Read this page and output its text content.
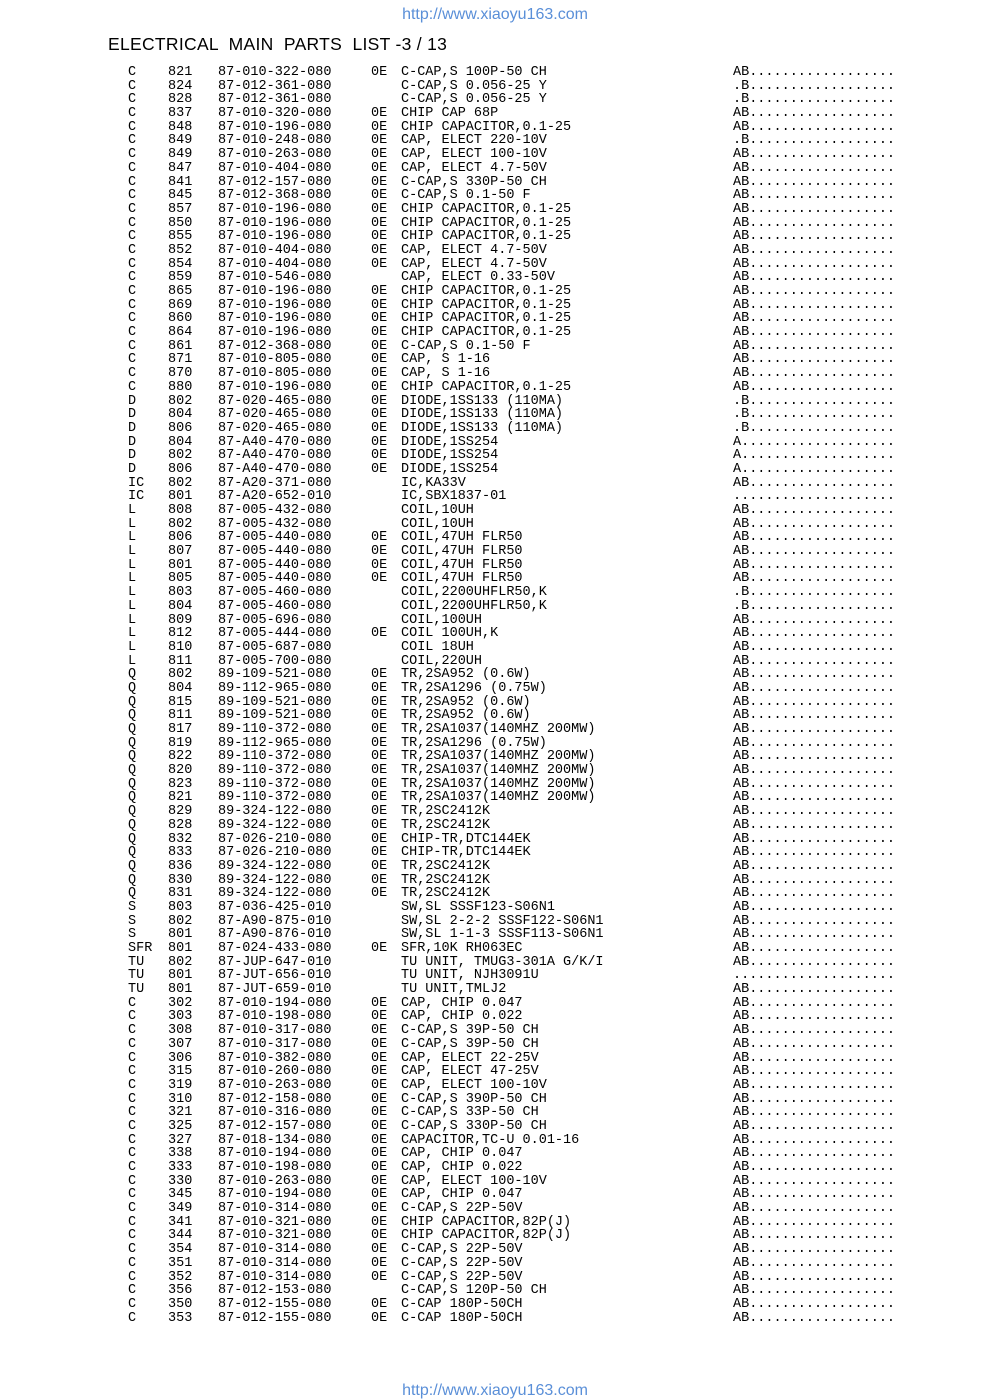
http://www.xiaoyu163.com
ELECTRICAL  MAIN  PARTS  LIST -3 / 13
C 821 87-010-322-080	0E C-CAP,S 100P-50 CH	AB..................
C 824 87-012-361-080	C-CAP,S 0.056-25 Y	.B..................
C 828 87-012-361-080	C-CAP,S 0.056-25 Y	.B..................
C 837 87-010-320-080	0E CHIP CAP 68P	AB..................
C 848 87-010-196-080	0E CHIP CAPACITOR,0.1-25	AB..................
C 849 87-010-248-080	0E CAP, ELECT 220-10V	.B..................
C 849 87-010-263-080	0E CAP, ELECT 100-10V	AB..................
C 847 87-010-404-080	0E CAP, ELECT 4.7-50V	AB..................
C 841 87-012-157-080	0E C-CAP,S 330P-50 CH	AB..................
C 845 87-012-368-080	0E C-CAP,S 0.1-50 F	AB..................
C 857 87-010-196-080	0E CHIP CAPACITOR,0.1-25	AB..................
C 850 87-010-196-080	0E CHIP CAPACITOR,0.1-25	AB..................
C 855 87-010-196-080	0E CHIP CAPACITOR,0.1-25	AB..................
C 852 87-010-404-080	0E CAP, ELECT 4.7-50V	AB..................
C 854 87-010-404-080	0E CAP, ELECT 4.7-50V	AB..................
C 859 87-010-546-080	CAP, ELECT 0.33-50V	AB..................
C 865 87-010-196-080	0E CHIP CAPACITOR,0.1-25	AB..................
C 869 87-010-196-080	0E CHIP CAPACITOR,0.1-25	AB..................
C 860 87-010-196-080	0E CHIP CAPACITOR,0.1-25	AB..................
C 864 87-010-196-080	0E CHIP CAPACITOR,0.1-25	AB..................
C 861 87-012-368-080	0E C-CAP,S 0.1-50 F	AB..................
C 871 87-010-805-080	0E CAP, S 1-16	AB..................
C 870 87-010-805-080	0E CAP, S 1-16	AB..................
C 880 87-010-196-080	0E CHIP CAPACITOR,0.1-25	AB..................
D 802 87-020-465-080	0E DIODE,1SS133 (110MA)	.B..................
D 804 87-020-465-080	0E DIODE,1SS133 (110MA)	.B..................
D 806 87-020-465-080	0E DIODE,1SS133 (110MA)	.B..................
D 804 87-A40-470-080	0E DIODE,1SS254	A...................
D 802 87-A40-470-080	0E DIODE,1SS254	A...................
D 806 87-A40-470-080	0E DIODE,1SS254	A...................
IC 802 87-A20-371-080	IC,KA33V	AB..................
IC 801 87-A20-652-010	IC,SBX1837-01	....................
L 808 87-005-432-080	COIL,10UH	AB..................
L 802 87-005-432-080	COIL,10UH	AB..................
L 806 87-005-440-080	0E COIL,47UH FLR50	AB..................
L 807 87-005-440-080	0E COIL,47UH FLR50	AB..................
L 801 87-005-440-080	0E COIL,47UH FLR50	AB..................
L 805 87-005-440-080	0E COIL,47UH FLR50	AB..................
L 803 87-005-460-080	COIL,2200UHFLR50,K	.B..................
L 804 87-005-460-080	COIL,2200UHFLR50,K	.B..................
L 809 87-005-696-080	COIL,100UH	AB..................
L 812 87-005-444-080	0E COIL 100UH,K	AB..................
L 810 87-005-687-080	COIL 18UH	AB..................
L 811 87-005-700-080	COIL,220UH	AB..................
Q 802 89-109-521-080	0E TR,2SA952 (0.6W)	AB..................
Q 804 89-112-965-080	0E TR,2SA1296 (0.75W)	AB..................
Q 815 89-109-521-080	0E TR,2SA952 (0.6W)	AB..................
Q 811 89-109-521-080	0E TR,2SA952 (0.6W)	AB..................
Q 817 89-110-372-080	0E TR,2SA1037(140MHZ 200MW)	AB..................
Q 819 89-112-965-080	0E TR,2SA1296 (0.75W)	AB..................
Q 822 89-110-372-080	0E TR,2SA1037(140MHZ 200MW)	AB..................
Q 820 89-110-372-080	0E TR,2SA1037(140MHZ 200MW)	AB..................
Q 823 89-110-372-080	0E TR,2SA1037(140MHZ 200MW)	AB..................
Q 821 89-110-372-080	0E TR,2SA1037(140MHZ 200MW)	AB..................
Q 829 89-324-122-080	0E TR,2SC2412K	AB..................
Q 828 89-324-122-080	0E TR,2SC2412K	AB..................
Q 832 87-026-210-080	0E CHIP-TR,DTC144EK	AB..................
Q 833 87-026-210-080	0E CHIP-TR,DTC144EK	AB..................
Q 836 89-324-122-080	0E TR,2SC2412K	AB..................
Q 830 89-324-122-080	0E TR,2SC2412K	AB..................
Q 831 89-324-122-080	0E TR,2SC2412K	AB..................
S 803 87-036-425-010	SW,SL SSSF123-S06N1	AB..................
S 802 87-A90-875-010	SW,SL 2-2-2 SSSF122-S06N1	AB..................
S 801 87-A90-876-010	SW,SL 1-1-3 SSSF113-S06N1	AB..................
SFR 801 87-024-433-080	0E SFR,10K RH063EC	AB..................
TU 802 87-JUP-647-010	TU UNIT, TMUG3-301A G/K/I	AB..................
TU 801 87-JUT-656-010	TU UNIT, NJH3091U	....................
TU 801 87-JUT-659-010	TU UNIT,TMLJ2	AB..................
C 302 87-010-194-080	0E CAP, CHIP 0.047	AB..................
C 303 87-010-198-080	0E CAP, CHIP 0.022	AB..................
C 308 87-010-317-080	0E C-CAP,S 39P-50 CH	AB..................
C 307 87-010-317-080	0E C-CAP,S 39P-50 CH	AB..................
C 306 87-010-382-080	0E CAP, ELECT 22-25V	AB..................
C 315 87-010-260-080	0E CAP, ELECT 47-25V	AB..................
C 319 87-010-263-080	0E CAP, ELECT 100-10V	AB..................
C 310 87-012-158-080	0E C-CAP,S 390P-50 CH	AB..................
C 321 87-010-316-080	0E C-CAP,S 33P-50 CH	AB..................
C 325 87-012-157-080	0E C-CAP,S 330P-50 CH	AB..................
C 327 87-018-134-080	0E CAPACITOR,TC-U 0.01-16	AB..................
C 338 87-010-194-080	0E CAP, CHIP 0.047	AB..................
C 333 87-010-198-080	0E CAP, CHIP 0.022	AB..................
C 330 87-010-263-080	0E CAP, ELECT 100-10V	AB..................
C 345 87-010-194-080	0E CAP, CHIP 0.047	AB..................
C 349 87-010-314-080	0E C-CAP,S 22P-50V	AB..................
C 341 87-010-321-080	0E CHIP CAPACITOR,82P(J)	AB..................
C 344 87-010-321-080	0E CHIP CAPACITOR,82P(J)	AB..................
C 354 87-010-314-080	0E C-CAP,S 22P-50V	AB..................
C 351 87-010-314-080	0E C-CAP,S 22P-50V	AB..................
C 352 87-010-314-080	0E C-CAP,S 22P-50V	AB..................
C 356 87-012-153-080	C-CAP,S 120P-50 CH	AB..................
C 350 87-012-155-080	0E C-CAP 180P-50CH	AB..................
C 353 87-012-155-080	0E C-CAP 180P-50CH	AB..................
http://www.xiaoyu163.com
